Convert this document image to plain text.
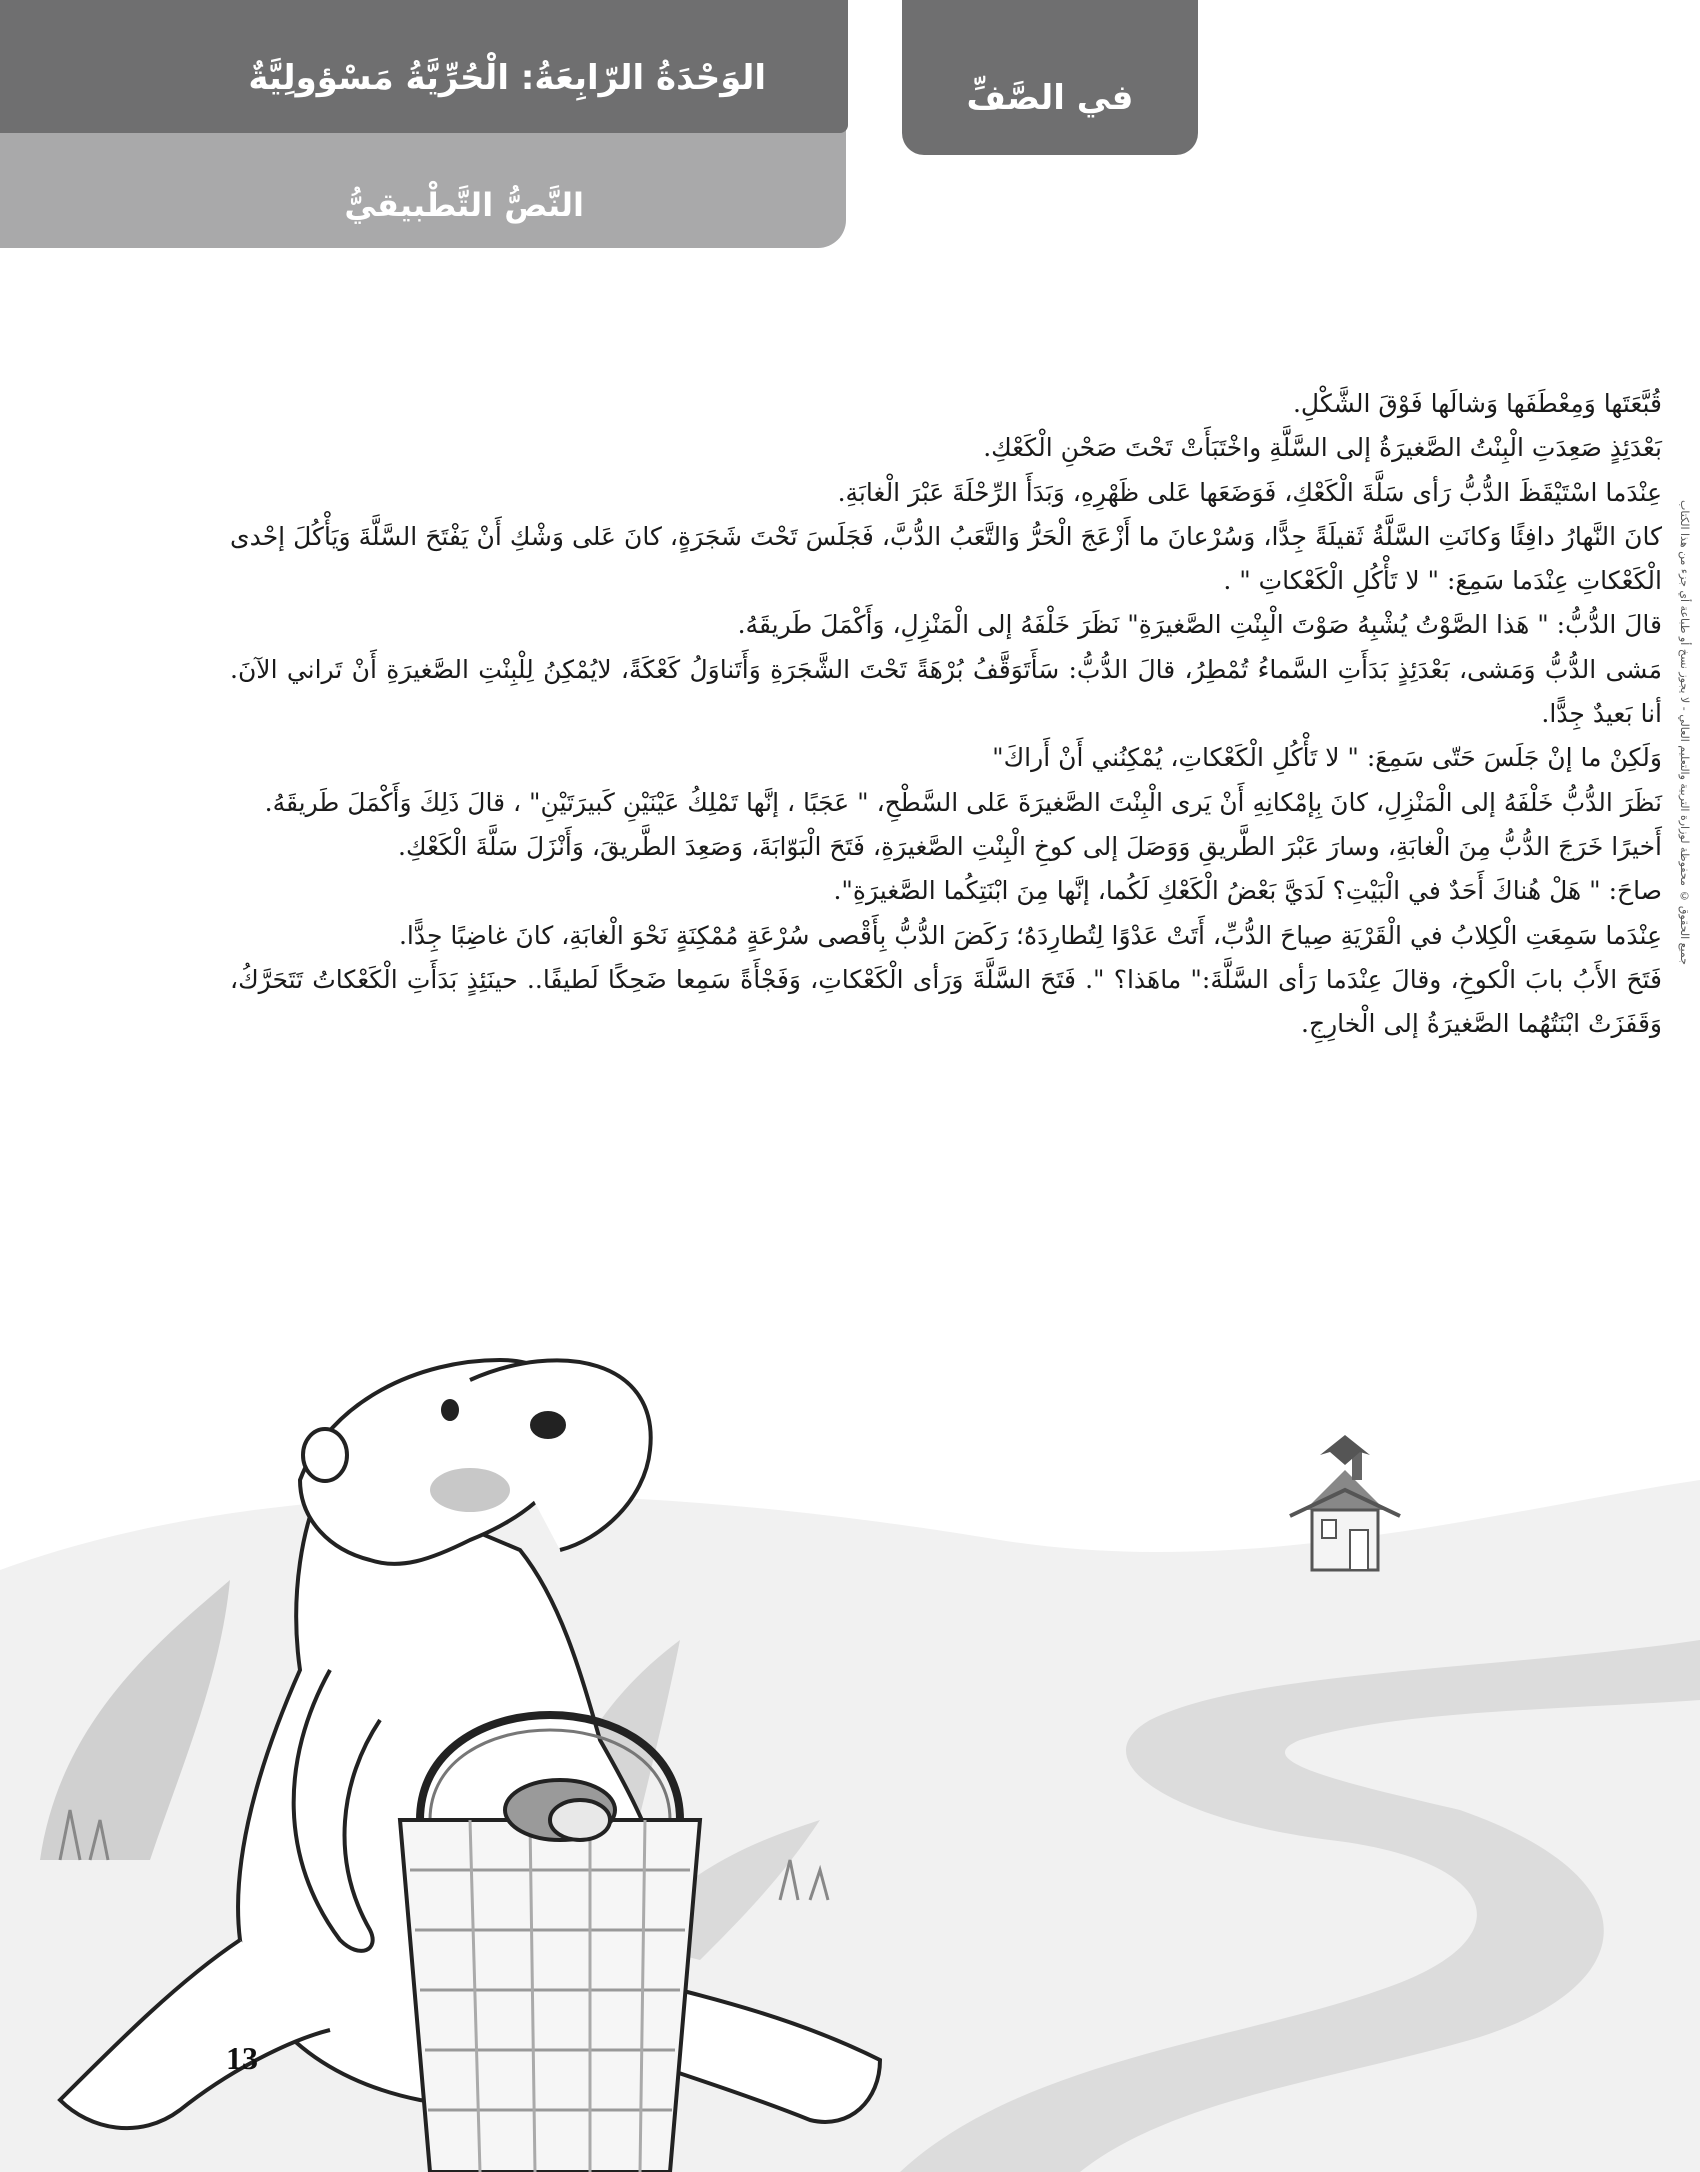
الوَحْدَةُ الرّابِعَةُ: الْحُرِّيَّةُ مَسْؤولِيَّةٌ
النَّصُّ التَّطْبيقيُّ
في الصَّفِّ
قُبَّعَتَها وَمِعْطَفَها وَشالَها فَوْقَ الشَّكْلِ.
بَعْدَئِذٍ صَعِدَتِ الْبِنْتُ الصَّغيرَةُ إلى السَّلَّةِ واخْتَبَأَتْ تَحْتَ صَحْنِ الْكَعْكِ.
عِنْدَما اسْتَيْقَظَ الدُّبُّ رَأى سَلَّةَ الْكَعْكِ، فَوَضَعَها عَلى ظَهْرِهِ، وَبَدَأَ الرِّحْلَةَ عَبْرَ الْغابَةِ.
كانَ النَّهارُ دافِئًا وَكانَتِ السَّلَّةُ ثَقيلَةً جِدًّا، وَسُرْعانَ ما أَزْعَجَ الْحَرُّ وَالتَّعَبُ الدُّبَّ، فَجَلَسَ تَحْتَ شَجَرَةٍ، كانَ عَلى وَشْكِ أَنْ يَفْتَحَ السَّلَّةَ وَيَأْكُلَ إحْدى الْكَعْكاتِ عِنْدَما سَمِعَ: " لا تَأْكُلِ الْكَعْكاتِ " .
قالَ الدُّبُّ: " هَذا الصَّوْتُ يُشْبِهُ صَوْتَ الْبِنْتِ الصَّغيرَةِ" نَظَرَ خَلْفَهُ إلى الْمَنْزِلِ، وَأَكْمَلَ طَريقَهُ.
مَشى الدُّبُّ وَمَشى، بَعْدَئِذٍ بَدَأَتِ السَّماءُ تُمْطِرُ، قالَ الدُّبُّ: سَأَتَوَقَّفُ بُرْهَةً تَحْتَ الشَّجَرَةِ وَأَتَناوَلُ كَعْكَةً، لايُمْكِنُ لِلْبِنْتِ الصَّغيرَةِ أَنْ تَراني الآنَ. أنا بَعيدٌ جِدًّا.
وَلَكِنْ ما إنْ جَلَسَ حَتّى سَمِعَ: " لا تَأْكُلِ الْكَعْكاتِ، يُمْكِنُني أَنْ أَراكَ"
نَظَرَ الدُّبُّ خَلْفَهُ إلى الْمَنْزِلِ، كانَ بِإمْكانِهِ أَنْ يَرى الْبِنْتَ الصَّغيرَةَ عَلى السَّطْحِ، " عَجَبًا ، إنَّها تَمْلِكُ عَيْنَيْنِ كَبيرَتَيْنِ" ، قالَ ذَلِكَ وَأَكْمَلَ طَريقَهُ.
أَخيرًا خَرَجَ الدُّبُّ مِنَ الْغابَةِ، وسارَ عَبْرَ الطَّريقِ وَوَصَلَ إلى كوخِ الْبِنْتِ الصَّغيرَةِ، فَتَحَ الْبَوّابَةَ، وَصَعِدَ الطَّريقَ، وَأَنْزَلَ سَلَّةَ الْكَعْكِ.
صاحَ: " هَلْ هُناكَ أَحَدٌ في الْبَيْتِ؟ لَدَيَّ بَعْضُ الْكَعْكِ لَكُما، إنَّها مِنَ ابْنَتِكُما الصَّغيرَةِ".
عِنْدَما سَمِعَتِ الْكِلابُ في الْقَرْيَةِ صِياحَ الدُّبِّ، أَتَتْ عَدْوًا لِتُطارِدَهُ؛ رَكَضَ الدُّبُّ بِأَقْصى سُرْعَةٍ مُمْكِنَةٍ نَحْوَ الْغابَةِ، كانَ غاضِبًا جِدًّا.
فَتَحَ الأَبُ بابَ الْكوخِ، وقالَ عِنْدَما رَأى السَّلَّةَ:" ماهَذا؟ ". فَتَحَ السَّلَّةَ وَرَأى الْكَعْكاتِ، وَفَجْأَةً سَمِعا ضَحِكًا لَطيفًا.. حينَئِذٍ بَدَأَتِ الْكَعْكاتُ تَتَحَرَّكُ، وَقَفَزَتْ ابْنَتُهُما الصَّغيرَةُ إلى الْخارِجِ.
جميع الحقوق © محفوظة لوزارة التربية والتعليم العالي - لا يجوز نسخ أو طباعة أي جزء من هذا الكتاب
13
